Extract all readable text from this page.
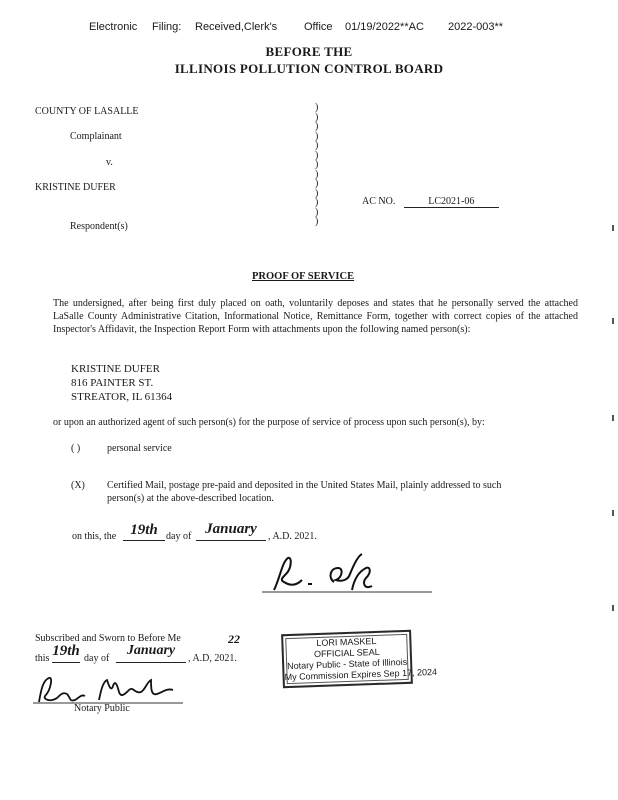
Electronic Filing: Received,Clerk's Office 01/19/2022**AC 2022-003**
BEFORE THE
ILLINOIS POLLUTION CONTROL BOARD
COUNTY OF LASALLE
Complainant
v.
KRISTINE DUFER
Respondent(s)
)
)
)
)
)
)
)
)
)
)
)
)
)
AC NO.	LC2021-06
PROOF OF SERVICE
The undersigned, after being first duly placed on oath, voluntarily deposes and states that he personally served the attached LaSalle County Administrative Citation, Informational Notice, Remittance Form, together with correct copies of the attached Inspector's Affidavit, the Inspection Report Form with attachments upon the following named person(s):
KRISTINE DUFER
816 PAINTER ST.
STREATOR, IL 61364
or upon an authorized agent of such person(s) for the purpose of service of process upon such person(s), by:
( )	personal service
(X) Certified Mail, postage pre-paid and deposited in the United States Mail, plainly addressed to such
person(s) at the above-described location.
on this, the 19th day of January	, A.D. 2021.
Subscribed and Sworn to Before Me
this 19th day of
January
, A.D, 2021.
22
Notary Public
LORI MASKEL
OFFICIAL SEAL
Notary Public - State of Illinois
My Commission Expires Sep 17, 2024
